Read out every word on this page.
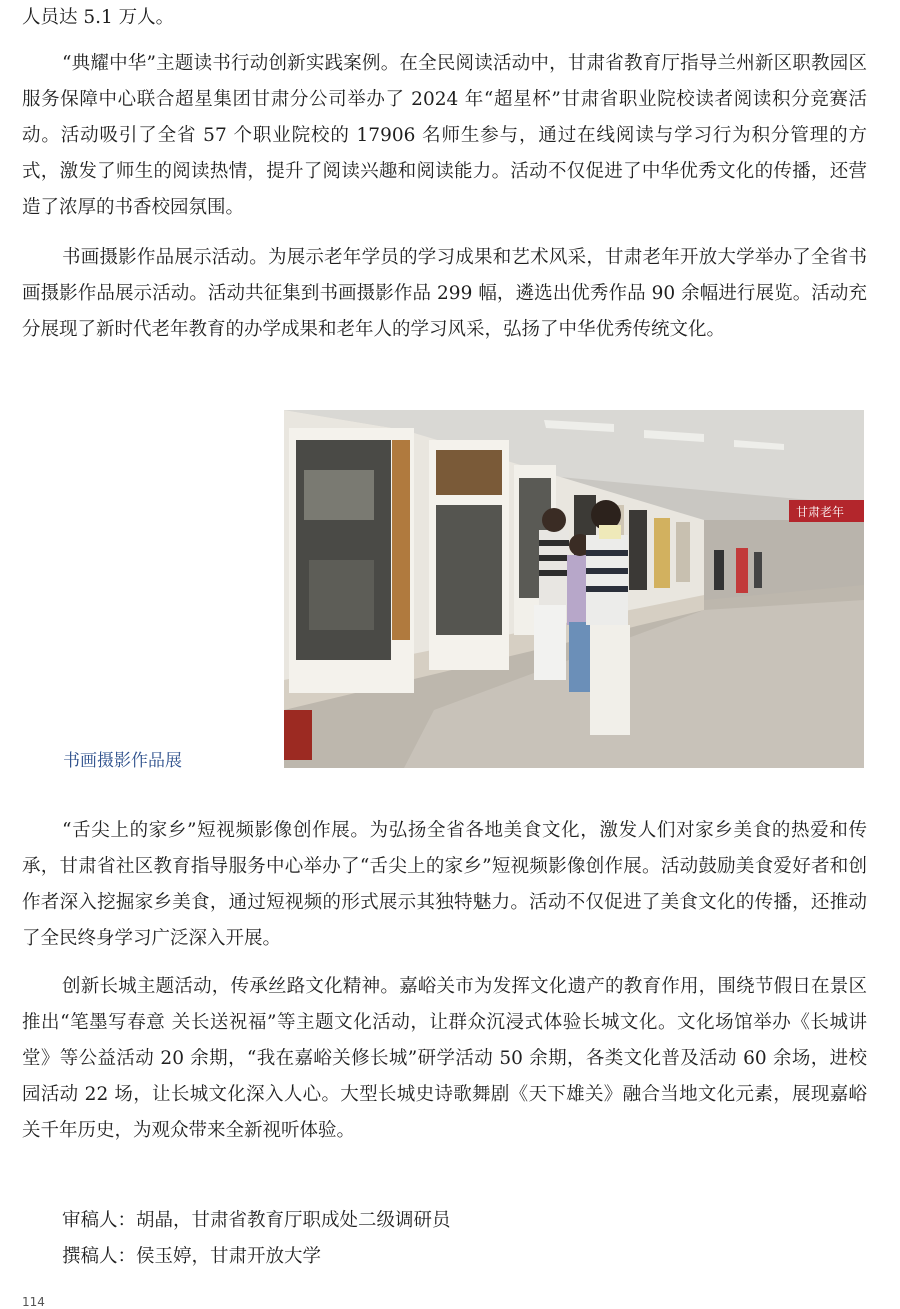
人员达 5.1 万人。

“典耀中华”主题读书行动创新实践案例。在全民阅读活动中，甘肃省教育厅指导兰州新区职教园区服务保障中心联合超星集团甘肃分公司举办了 2024 年“超星杯”甘肃省职业院校读者阅读积分竞赛活动。活动吸引了全省 57 个职业院校的 17906 名师生参与，通过在线阅读与学习行为积分管理的方式，激发了师生的阅读热情，提升了阅读兴趣和阅读能力。活动不仅促进了中华优秀文化的传播，还营造了浓厚的书香校园氛围。

书画摄影作品展示活动。为展示老年学员的学习成果和艺术风采，甘肃老年开放大学举办了全省书画摄影作品展示活动。活动共征集到书画摄影作品 299 幅，遴选出优秀作品 90 余幅进行展览。活动充分展现了新时代老年教育的办学成果和老年人的学习风采，弘扬了中华优秀传统文化。

甘肃老年
书画摄影作品展

“舌尖上的家乡”短视频影像创作展。为弘扬全省各地美食文化，激发人们对家乡美食的热爱和传承，甘肃省社区教育指导服务中心举办了“舌尖上的家乡”短视频影像创作展。活动鼓励美食爱好者和创作者深入挖掘家乡美食，通过短视频的形式展示其独特魅力。活动不仅促进了美食文化的传播，还推动了全民终身学习广泛深入开展。

创新长城主题活动，传承丝路文化精神。嘉峪关市为发挥文化遗产的教育作用，围绕节假日在景区推出“笔墨写春意 关长送祝福”等主题文化活动，让群众沉浸式体验长城文化。文化场馆举办《长城讲堂》等公益活动 20 余期，“我在嘉峪关修长城”研学活动 50 余期，各类文化普及活动 60 余场，进校园活动 22 场，让长城文化深入人心。大型长城史诗歌舞剧《天下雄关》融合当地文化元素，展现嘉峪关千年历史，为观众带来全新视听体验。

审稿人：胡晶，甘肃省教育厅职成处二级调研员

撰稿人：侯玉婷，甘肃开放大学

114
